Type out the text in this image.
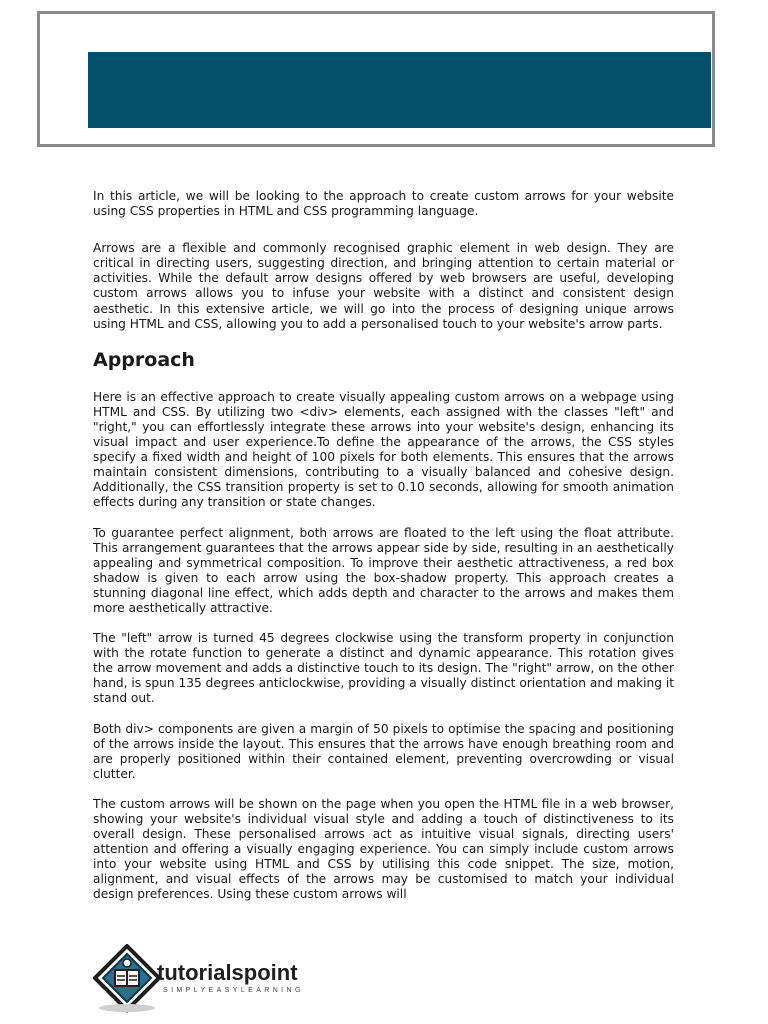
In this article, we will be looking to the approach to create custom arrows for your website using CSS properties in HTML and CSS programming language.

Arrows are a flexible and commonly recognised graphic element in web design. They are critical in directing users, suggesting direction, and bringing attention to certain material or activities. While the default arrow designs offered by web browsers are useful, developing custom arrows allows you to infuse your website with a distinct and consistent design aesthetic. In this extensive article, we will go into the process of designing unique arrows using HTML and CSS, allowing you to add a personalised touch to your website's arrow parts.

Approach

Here is an effective approach to create visually appealing custom arrows on a webpage using HTML and CSS. By utilizing two <div> elements, each assigned with the classes "left" and "right," you can effortlessly integrate these arrows into your website's design, enhancing its visual impact and user experience.To define the appearance of the arrows, the CSS styles specify a fixed width and height of 100 pixels for both elements. This ensures that the arrows maintain consistent dimensions, contributing to a visually balanced and cohesive design. Additionally, the CSS transition property is set to 0.10 seconds, allowing for smooth animation effects during any transition or state changes.

To guarantee perfect alignment, both arrows are floated to the left using the float attribute. This arrangement guarantees that the arrows appear side by side, resulting in an aesthetically appealing and symmetrical composition. To improve their aesthetic attractiveness, a red box shadow is given to each arrow using the box-shadow property. This approach creates a stunning diagonal line effect, which adds depth and character to the arrows and makes them more aesthetically attractive.

The "left" arrow is turned 45 degrees clockwise using the transform property in conjunction with the rotate function to generate a distinct and dynamic appearance. This rotation gives the arrow movement and adds a distinctive touch to its design. The "right" arrow, on the other hand, is spun 135 degrees anticlockwise, providing a visually distinct orientation and making it stand out.

Both div> components are given a margin of 50 pixels to optimise the spacing and positioning of the arrows inside the layout. This ensures that the arrows have enough breathing room and are properly positioned within their contained element, preventing overcrowding or visual clutter.

The custom arrows will be shown on the page when you open the HTML file in a web browser, showing your website's individual visual style and adding a touch of distinctiveness to its overall design. These personalised arrows act as intuitive visual signals, directing users' attention and offering a visually engaging experience. You can simply include custom arrows into your website using HTML and CSS by utilising this code snippet. The size, motion, alignment, and visual effects of the arrows may be customised to match your individual design preferences. Using these custom arrows will

tutorialspoint
SIMPLYEASYLEARNING
